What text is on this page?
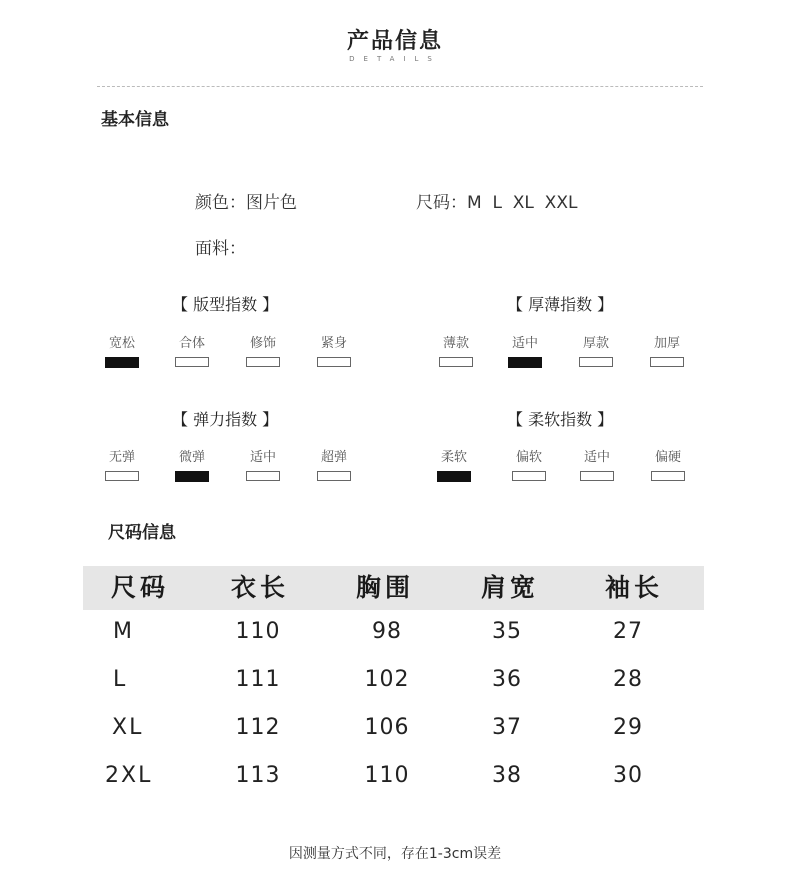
产品信息
DETAILS
基本信息
颜色：图片色	尺码：M  L  XL  XXL
面料：
【 版型指数 】	【 厚薄指数 】
【 弹力指数 】	【 柔软指数 】
宽松	合体	修饰	紧身	薄款	适中	厚款	加厚
无弹	微弹	适中	超弹	柔软	偏软	适中	偏硬
尺码信息
尺码	衣长	胸围	肩宽	袖长
M	110	98	35	27
L	111	102	36	28
XL	112	106	37	29
2XL	113	110	38	30
因测量方式不同，存在1-3cm误差
